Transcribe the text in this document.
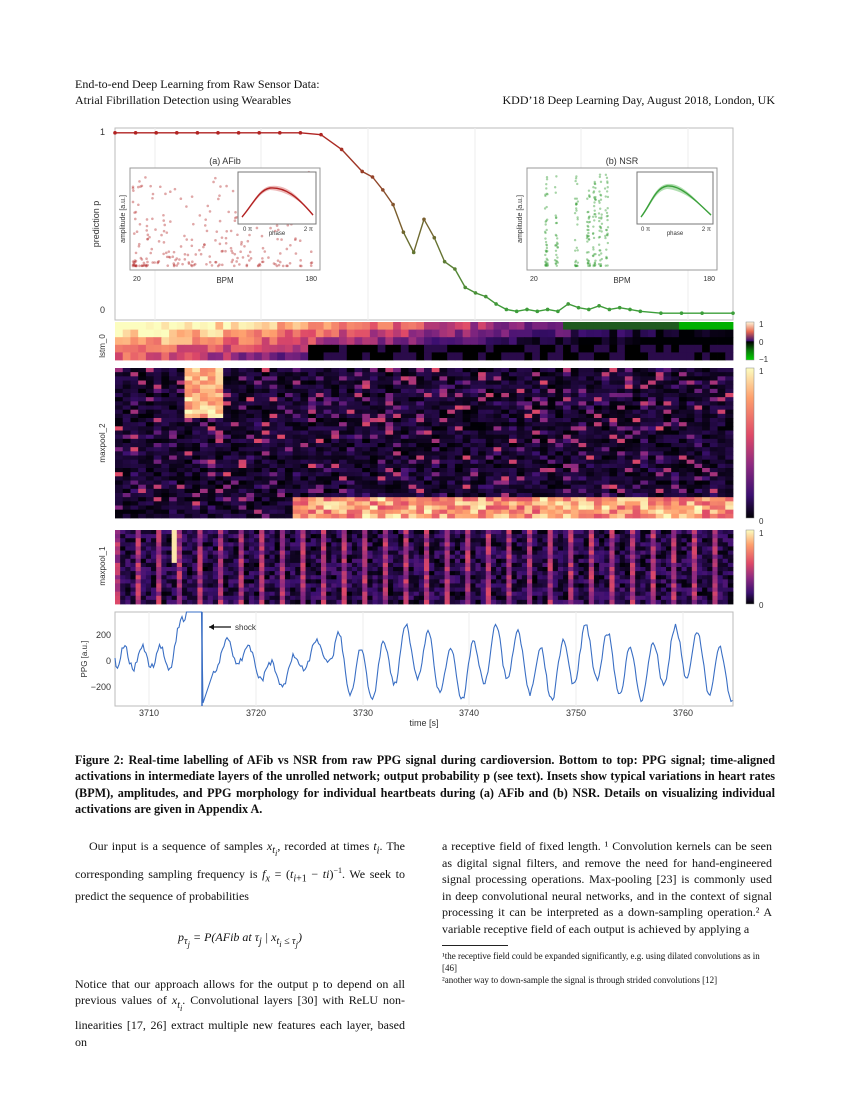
End-to-end Deep Learning from Raw Sensor Data:
Atrial Fibrillation Detection using Wearables	KDD’18 Deep Learning Day, August 2018, London, UK
1
0
prediction p
(a) AFib
0 π
phase
2 π
20	180
BPM
amplitude [a.u.]
(b) NSR
0 π
phase
2 π
20	180
BPM
amplitude [a.u.]
lstm_0
1
0
−1
maxpool_2
1
0
maxpool_1
1
0
shock
200
0
−200
PPG [a.u.]
3710	3720	3730	3740	3750	3760
time [s]
Figure 2: Real-time labelling of AFib vs NSR from raw PPG signal during cardioversion. Bottom to top: PPG signal; time-aligned activations in intermediate layers of the unrolled network; output probability p (see text). Insets show typical variations in heart rates (BPM), amplitudes, and PPG morphology for individual heartbeats during (a) AFib and (b) NSR. Details on visualizing individual activations are given in Appendix A.

Our input is a sequence of samples $x_{t_i}$, recorded at times $t_i$. The corresponding sampling frequency is $f_x = (t_{i+1} - ti)^{-1}$. We seek to predict the sequence of probabilities

$p_{\tau_j}$ = P(AFib at $\tau_j$ | $x_{t_i \le \tau_j}$)

Notice that our approach allows for the output p to depend on all previous values of $x_{t_i}$. Convolutional layers [30] with ReLU non-linearities [17, 26] extract multiple new features each layer, based on

a receptive field of fixed length. ¹ Convolution kernels can be seen as digital signal filters, and remove the need for hand-engineered signal processing operations. Max-pooling [23] is commonly used in deep convolutional neural networks, and in the context of signal processing it can be interpreted as a down-sampling operation.² A variable receptive field of each output is achieved by applying a

¹the receptive field could be expanded significantly, e.g. using dilated convolutions as in [46]
²another way to down-sample the signal is through strided convolutions [12]
